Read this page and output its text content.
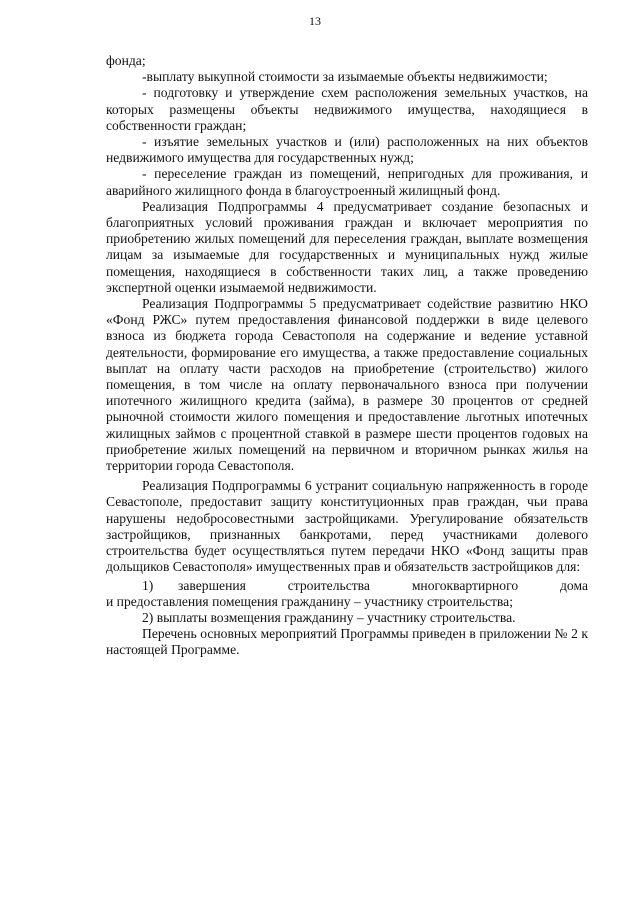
13

фонда;

-выплату выкупной стоимости за изымаемые объекты недвижимости;

- подготовку и утверждение схем расположения земельных участков, на которых размещены объекты недвижимого имущества, находящиеся в собственности граждан;

- изъятие земельных участков и (или) расположенных на них объектов недвижимого имущества для государственных нужд;

- переселение граждан из помещений, непригодных для проживания, и аварийного жилищного фонда в благоустроенный жилищный фонд.

Реализация Подпрограммы 4 предусматривает создание безопасных и благоприятных условий проживания граждан и включает мероприятия по приобретению жилых помещений для переселения граждан, выплате возмещения лицам за изымаемые для государственных и муниципальных нужд жилые помещения, находящиеся в собственности таких лиц, а также проведению экспертной оценки изымаемой недвижимости.

Реализация Подпрограммы 5 предусматривает содействие развитию НКО «Фонд РЖС» путем предоставления финансовой поддержки в виде целевого взноса из бюджета города Севастополя на содержание и ведение уставной деятельности, формирование его имущества, а также предоставление социальных выплат на оплату части расходов на приобретение (строительство) жилого помещения, в том числе на оплату первоначального взноса при получении ипотечного жилищного кредита (займа), в размере 30 процентов от средней рыночной стоимости жилого помещения и предоставление льготных ипотечных жилищных займов с процентной ставкой в размере шести процентов годовых на приобретение жилых помещений на первичном и вторичном рынках жилья на территории города Севастополя.

Реализация Подпрограммы 6 устранит социальную напряженность в городе Севастополе, предоставит защиту конституционных прав граждан, чьи права нарушены недобросовестными застройщиками. Урегулирование обязательств застройщиков, признанных банкротами, перед участниками долевого строительства будет осуществляться путем передачи НКО «Фонд защиты прав дольщиков Севастополя» имущественных прав и обязательств застройщиков для:

1)	завершения строительства многоквартирного дома

и предоставления помещения гражданину – участнику строительства;

2) выплаты возмещения гражданину – участнику строительства.

Перечень основных мероприятий Программы приведен в приложении № 2 к настоящей Программе.
